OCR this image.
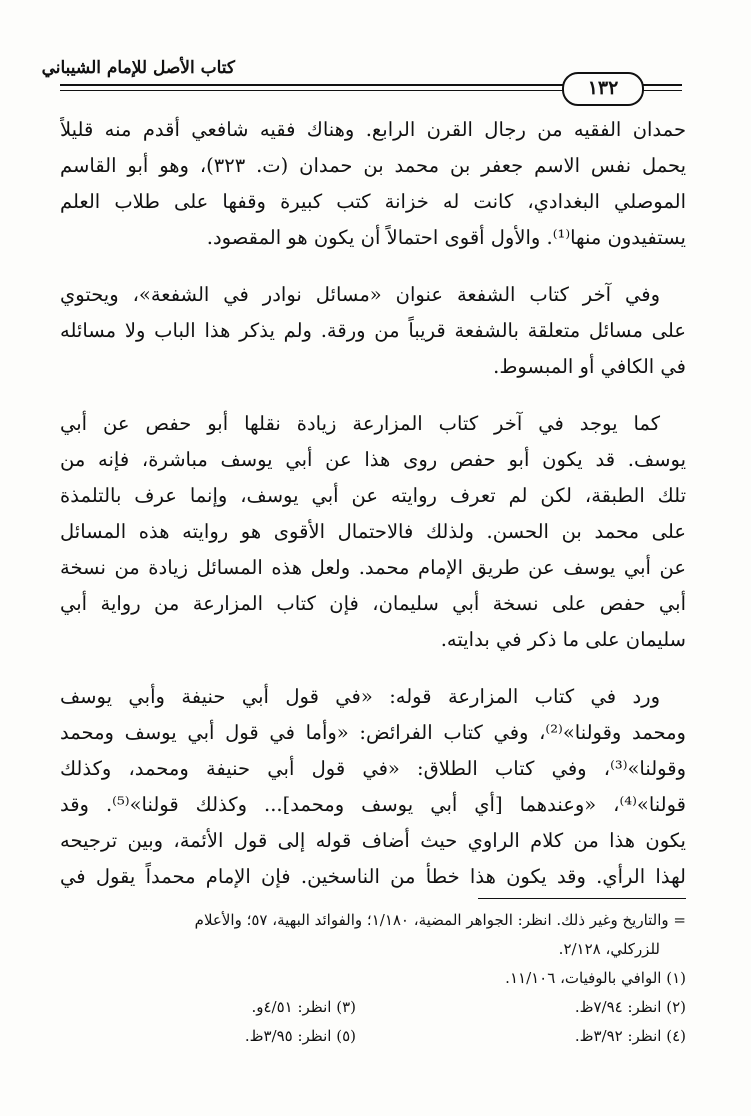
كتاب الأصل للإمام الشيباني
١٣٢
حمدان الفقيه من رجال القرن الرابع. وهناك فقيه شافعي أقدم منه قليلاً
يحمل نفس الاسم جعفر بن محمد بن حمدان (ت. ٣٢٣)، وهو أبو القاسم
الموصلي البغدادي، كانت له خزانة كتب كبيرة وقفها على طلاب العلم
يستفيدون منها⁽¹⁾. والأول أقوى احتمالاً أن يكون هو المقصود.
وفي آخر كتاب الشفعة عنوان «مسائل نوادر في الشفعة»، ويحتوي
على مسائل متعلقة بالشفعة قريباً من ورقة. ولم يذكر هذا الباب ولا مسائله
في الكافي أو المبسوط.
كما يوجد في آخر كتاب المزارعة زيادة نقلها أبو حفص عن أبي
يوسف. قد يكون أبو حفص روى هذا عن أبي يوسف مباشرة، فإنه من
تلك الطبقة، لكن لم تعرف روايته عن أبي يوسف، وإنما عرف بالتلمذة
على محمد بن الحسن. ولذلك فالاحتمال الأقوى هو روايته هذه المسائل
عن أبي يوسف عن طريق الإمام محمد. ولعل هذه المسائل زيادة من نسخة
أبي حفص على نسخة أبي سليمان، فإن كتاب المزارعة من رواية أبي
سليمان على ما ذكر في بدايته.
ورد في كتاب المزارعة قوله: «في قول أبي حنيفة وأبي يوسف
ومحمد وقولنا»⁽²⁾، وفي كتاب الفرائض: «وأما في قول أبي يوسف ومحمد
وقولنا»⁽³⁾، وفي كتاب الطلاق: «في قول أبي حنيفة ومحمد، وكذلك
قولنا»⁽⁴⁾، «وعندهما [أي أبي يوسف ومحمد]... وكذلك قولنا»⁽⁵⁾. وقد
يكون هذا من كلام الراوي حيث أضاف قوله إلى قول الأئمة، وبين ترجيحه
لهذا الرأي. وقد يكون هذا خطأ من الناسخين. فإن الإمام محمداً يقول في
= والتاريخ وغير ذلك. انظر: الجواهر المضية، ١/١٨٠؛ والفوائد البهية، ٥٧؛ والأعلام
للزركلي، ٢/١٢٨.
(١) الوافي بالوفيات، ١١/١٠٦.
(٢) انظر: ٧/٩٤ظ.
(٣) انظر: ٤/٥١و.
(٤) انظر: ٣/٩٢ظ.
(٥) انظر: ٣/٩٥ظ.
